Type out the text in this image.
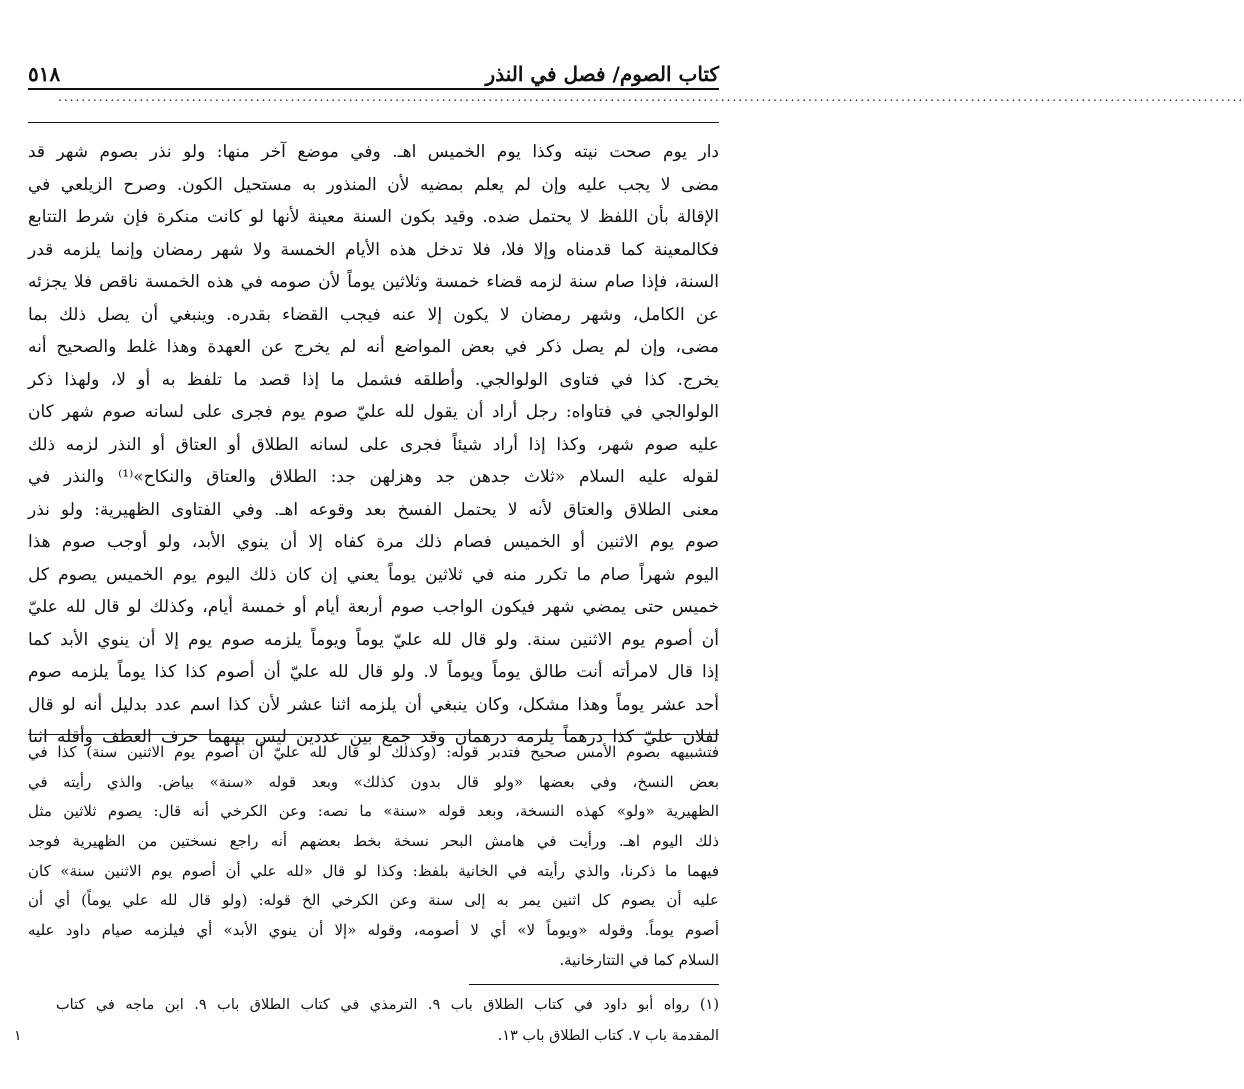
كتاب الصوم/ فصل في النذر
٥١٨
............................................................................................................................................................................................................
دار يوم صحت نيته وكذا يوم الخميس اهـ. وفي موضع آخر منها: ولو نذر بصوم شهر قد
مضى لا يجب عليه وإن لم يعلم بمضيه لأن المنذور به مستحيل الكون. وصرح الزيلعي في
الإقالة بأن اللفظ لا يحتمل ضده. وقيد بكون السنة معينة لأنها لو كانت منكرة فإن شرط التتابع
فكالمعينة كما قدمناه وإلا فلا، فلا تدخل هذه الأيام الخمسة ولا شهر رمضان وإنما يلزمه قدر
السنة، فإذا صام سنة لزمه قضاء خمسة وثلاثين يوماً لأن صومه في هذه الخمسة ناقص فلا يجزئه
عن الكامل، وشهر رمضان لا يكون إلا عنه فيجب القضاء بقدره. وينبغي أن يصل ذلك بما
مضى، وإن لم يصل ذكر في بعض المواضع أنه لم يخرج عن العهدة وهذا غلط والصحيح أنه
يخرج. كذا في فتاوى الولوالجي. وأطلقه فشمل ما إذا قصد ما تلفظ به أو لا، ولهذا ذكر
الولوالجي في فتاواه: رجل أراد أن يقول لله عليّ صوم يوم فجرى على لسانه صوم شهر كان
عليه صوم شهر، وكذا إذا أراد شيئاً فجرى على لسانه الطلاق أو العتاق أو النذر لزمه ذلك
لقوله عليه السلام «ثلاث جدهن جد وهزلهن جد: الطلاق والعتاق والنكاح»⁽¹⁾ والنذر في
معنى الطلاق والعتاق لأنه لا يحتمل الفسخ بعد وقوعه اهـ. وفي الفتاوى الظهيرية: ولو نذر
صوم يوم الاثنين أو الخميس فصام ذلك مرة كفاه إلا أن ينوي الأبد، ولو أوجب صوم هذا
اليوم شهراً صام ما تكرر منه في ثلاثين يوماً يعني إن كان ذلك اليوم يوم الخميس يصوم كل
خميس حتى يمضي شهر فيكون الواجب صوم أربعة أيام أو خمسة أيام، وكذلك لو قال لله عليّ
أن أصوم يوم الاثنين سنة. ولو قال لله عليّ يوماً ويوماً يلزمه صوم يوم إلا أن ينوي الأبد كما
إذا قال لامرأته أنت طالق يوماً ويوماً لا. ولو قال لله عليّ أن أصوم كذا كذا يوماً يلزمه صوم
أحد عشر يوماً وهذا مشكل، وكان ينبغي أن يلزمه اثنا عشر لأن كذا اسم عدد بدليل أنه لو قال
لفلان عليّ كذا درهماً يلزمه درهمان وقد جمع بين عددين ليس بينهما حرف العطف وأقله اثنا
فتشبيهه بصوم الأمس صحيح فتدبر قوله: (وكذلك لو قال لله عليّ أن أصوم يوم الاثنين سنة) كذا في
بعض النسخ، وفي بعضها «ولو قال بدون كذلك» وبعد قوله «سنة» بياض. والذي رأيته في
الظهيرية «ولو» كهذه النسخة، وبعد قوله «سنة» ما نصه: وعن الكرخي أنه قال: يصوم ثلاثين مثل
ذلك اليوم اهـ. ورأيت في هامش البحر نسخة بخط بعضهم أنه راجع نسختين من الظهيرية فوجد
فيهما ما ذكرنا، والذي رأيته في الخانية بلفظ: وكذا لو قال «لله علي أن أصوم يوم الاثنين سنة» كان
عليه أن يصوم كل اثنين يمر به إلى سنة وعن الكرخي الخ قوله: (ولو قال لله علي يوماً) أي أن
أصوم يوماً. وقوله «ويوماً لا» أي لا أصومه، وقوله «إلا أن ينوي الأبد» أي فيلزمه صيام داود عليه
السلام كما في التتارخانية.
(١) رواه أبو داود في كتاب الطلاق باب ٩. الترمذي في كتاب الطلاق باب ٩. ابن ماجه في كتاب
المقدمة باب ٧. كتاب الطلاق باب ١٣.
١
